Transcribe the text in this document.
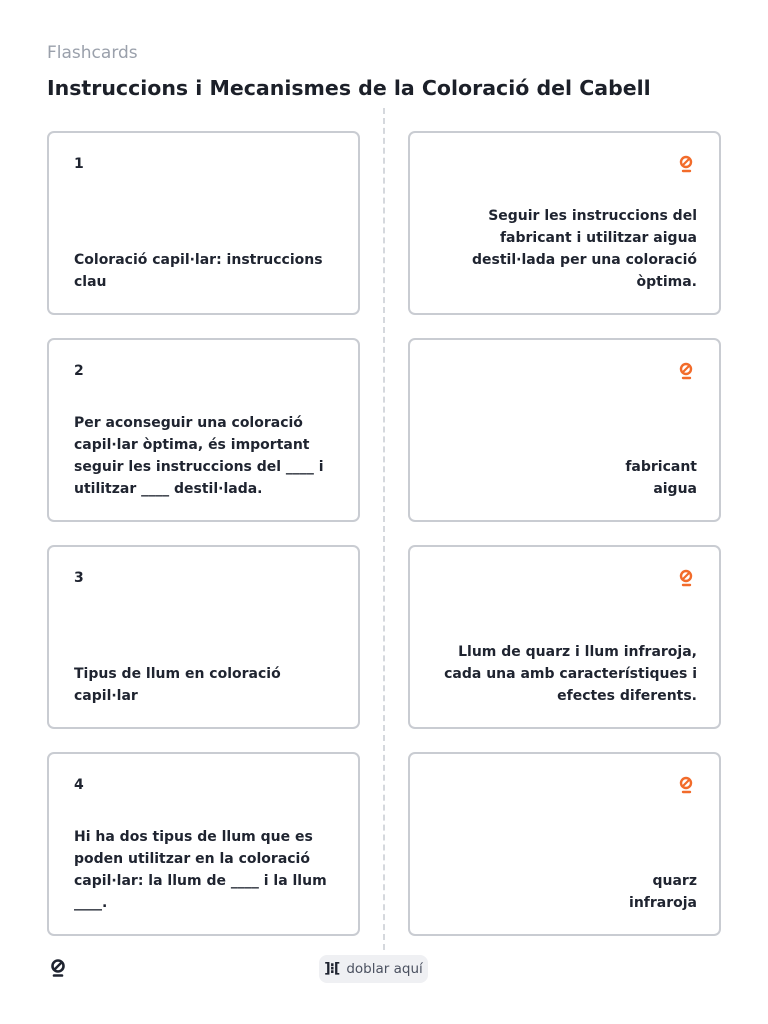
Flashcards
Instruccions i Mecanismes de la Coloració del Cabell
1
Coloració capil·lar: instruccions clau
Seguir les instruccions del fabricant i utilitzar aigua destil·lada per una coloració òptima.
2
Per aconseguir una coloració capil·lar òptima, és important seguir les instruccions del ____ i utilitzar ____ destil·lada.
fabricant
aigua
3
Tipus de llum en coloració capil·lar
Llum de quarz i llum infraroja, cada una amb característiques i efectes diferents.
4
Hi ha dos tipus de llum que es poden utilitzar en la coloració capil·lar: la llum de ____ i la llum ____.
quarz
infraroja
]⁝[ doblar aquí
